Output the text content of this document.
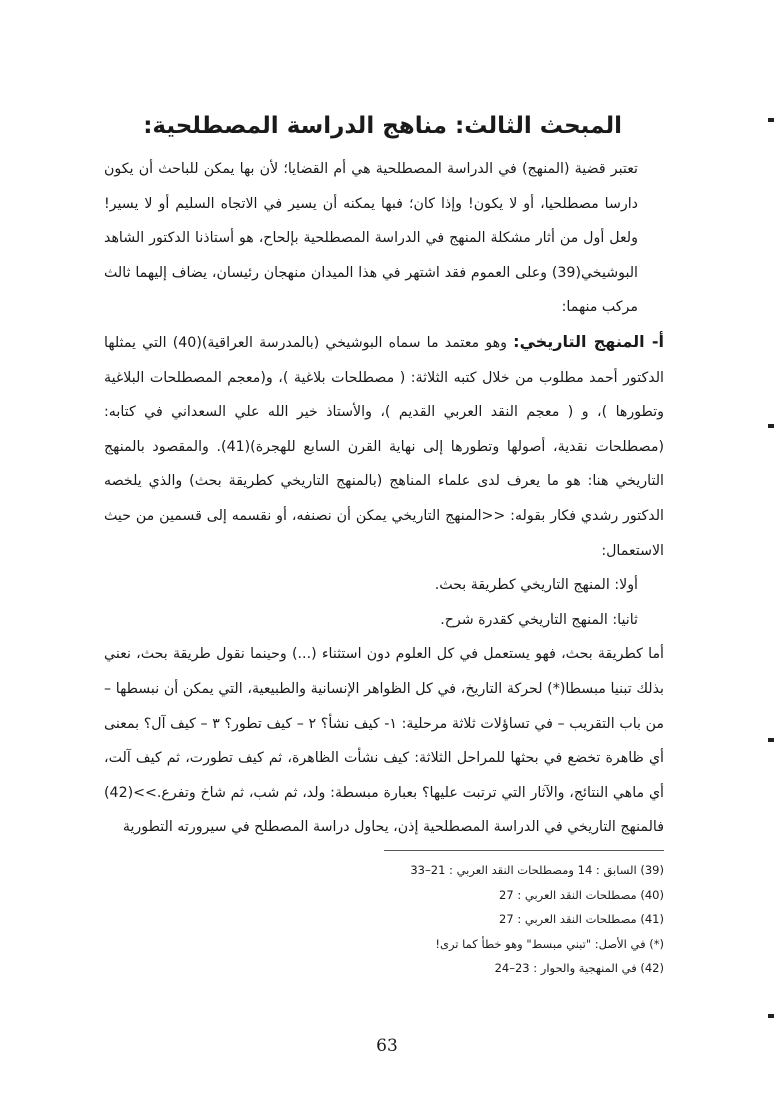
المبحث الثالث: مناهج الدراسة المصطلحية:

تعتبر قضية (المنهج) في الدراسة المصطلحية هي أم القضايا؛ لأن بها يمكن للباحث أن يكون دارسا مصطلحيا، أو لا يكون! وإذا كان؛ فبها يمكنه أن يسير في الاتجاه السليم أو لا يسير! ولعل أول من أثار مشكلة المنهج في الدراسة المصطلحية بإلحاح، هو أستاذنا الدكتور الشاهد البوشيخي(39) وعلى العموم فقد اشتهر في هذا الميدان منهجان رئيسان، يضاف إليهما ثالث مركب منهما:

أ- المنهج التاريخي: وهو معتمد ما سماه البوشيخي (بالمدرسة العراقية)(40) التي يمثلها الدكتور أحمد مطلوب من خلال كتبه الثلاثة: ( مصطلحات بلاغية )، و(معجم المصطلحات البلاغية وتطورها )، و ( معجم النقد العربي القديم )، والأستاذ خير الله علي السعداني في كتابه: (مصطلحات نقدية، أصولها وتطورها إلى نهاية القرن السابع للهجرة)(41). والمقصود بالمنهج التاريخي هنا: هو ما يعرف لدى علماء المناهج (بالمنهج التاريخي كطريقة بحث) والذي يلخصه الدكتور رشدي فكار بقوله: <<المنهج التاريخي يمكن أن نصنفه، أو نقسمه إلى قسمين من حيث الاستعمال:

أولا: المنهج التاريخي كطريقة بحث.

ثانيا: المنهج التاريخي كقدرة شرح.

أما كطريقة بحث، فهو يستعمل في كل العلوم دون استثناء (...) وحينما نقول طريقة بحث، نعني بذلك تبنيا مبسطا(*) لحركة التاريخ، في كل الظواهر الإنسانية والطبيعية، التي يمكن أن نبسطها – من باب التقريب – في تساؤلات ثلاثة مرحلية: ١- كيف نشأ؟ ٢ – كيف تطور؟ ٣ – كيف آل؟ بمعنى أي ظاهرة تخضع في بحثها للمراحل الثلاثة: كيف نشأت الظاهرة، ثم كيف تطورت، ثم كيف آلت، أي ماهي النتائج، والآثار التي ترتبت عليها؟ بعبارة مبسطة: ولد، ثم شب، ثم شاخ وتفرع.>>(42) فالمنهج التاريخي في الدراسة المصطلحية إذن، يحاول دراسة المصطلح في سيرورته التطورية

(39) السابق : 14 ومصطلحات النقد العربي : 21–33

(40) مصطلحات النقد العربي : 27

(41) مصطلحات النقد العربي : 27

(*) في الأصل: "تبني مبسط" وهو خطأ كما ترى!

(42) في المنهجية والحوار : 23–24

63
